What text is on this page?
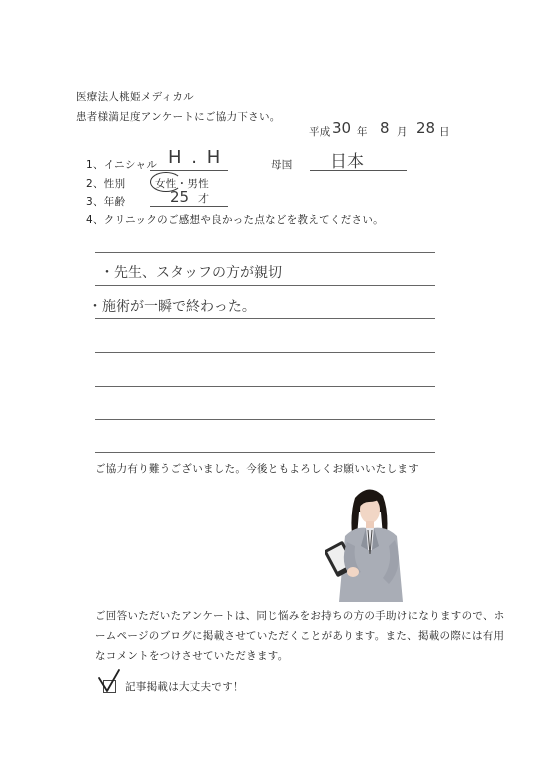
医療法人桃姫メディカル
患者様満足度アンケートにご協力下さい。
平成 30 年 8 月 28 日
1、イニシャル H . H	母国 日本
2、性別	女性・男性
3、年齢	25 才
4、クリニックのご感想や良かった点などを教えてください。
・先生、スタッフの方が親切
・施術が一瞬で終わった。
ご協力有り難うございました。今後ともよろしくお願いいたします
ご回答いただいたアンケートは、同じ悩みをお持ちの方の手助けになりますので、ホ
ームページのブログに掲載させていただくことがあります。また、掲載の際には有用
なコメントをつけさせていただきます。
記事掲載は大丈夫です！
